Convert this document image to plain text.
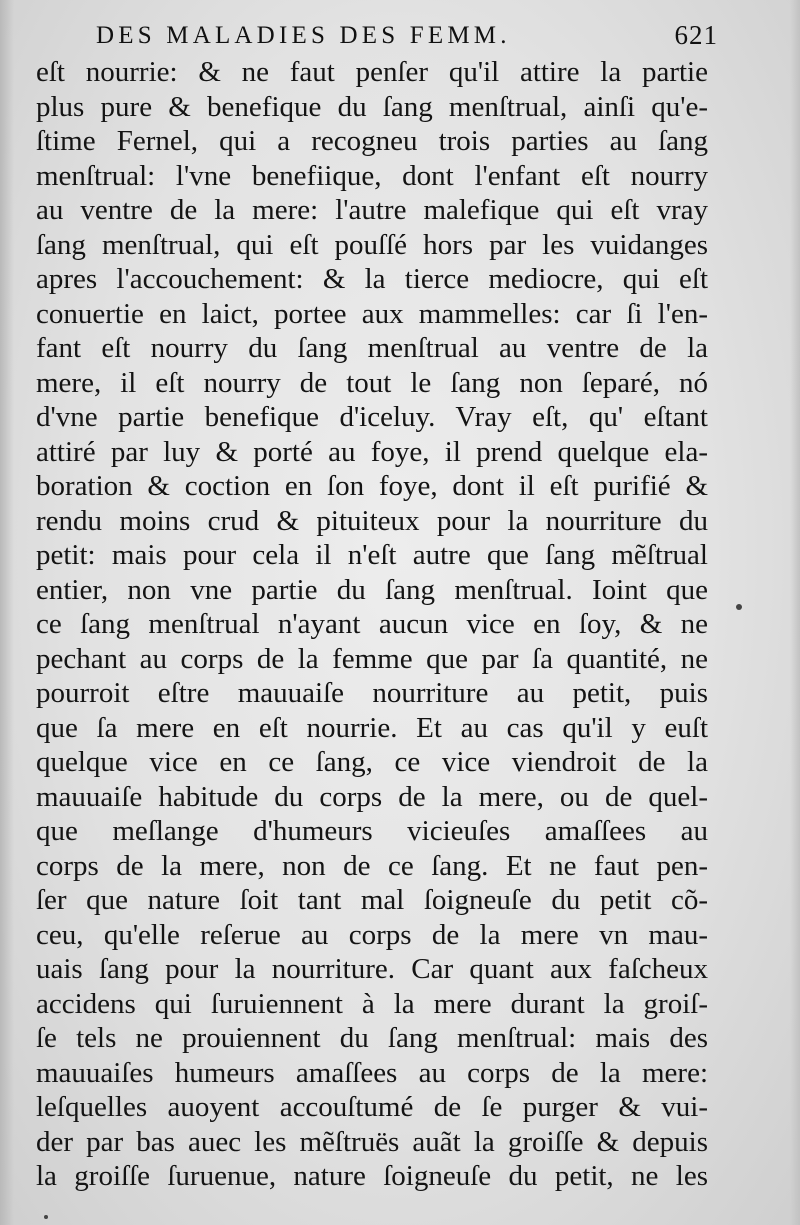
DES MALADIES DES FEMM.	621
eſt nourrie: & ne faut penſer qu'il attire la partie
plus pure & benefique du ſang menſtrual, ainſi qu'e-
ſtime Fernel, qui a recogneu trois parties au ſang
menſtrual: l'vne benefiique, dont l'enfant eſt nourry
au ventre de la mere: l'autre malefique qui eſt vray
ſang menſtrual, qui eſt pouſſé hors par les vuidanges
apres l'accouchement: & la tierce mediocre, qui eſt
conuertie en laict, portee aux mammelles: car ſi l'en-
fant eſt nourry du ſang menſtrual au ventre de la
mere, il eſt nourry de tout le ſang non ſeparé, nó
d'vne partie benefique d'iceluy. Vray eſt, qu' eſtant
attiré par luy & porté au foye, il prend quelque ela-
boration & coction en ſon foye, dont il eſt purifié &
rendu moins crud & pituiteux pour la nourriture du
petit: mais pour cela il n'eſt autre que ſang mẽſtrual
entier, non vne partie du ſang menſtrual. Ioint que
ce ſang menſtrual n'ayant aucun vice en ſoy, & ne
pechant au corps de la femme que par ſa quantité, ne
pourroit eſtre mauuaiſe nourriture au petit, puis
que ſa mere en eſt nourrie. Et au cas qu'il y euſt
quelque vice en ce ſang, ce vice viendroit de la
mauuaiſe habitude du corps de la mere, ou de quel-
que meſlange d'humeurs vicieuſes amaſſees au
corps de la mere, non de ce ſang. Et ne faut pen-
ſer que nature ſoit tant mal ſoigneuſe du petit cõ-
ceu, qu'elle reſerue au corps de la mere vn mau-
uais ſang pour la nourriture. Car quant aux faſcheux
accidens qui ſuruiennent à la mere durant la groiſ-
ſe tels ne prouiennent du ſang menſtrual: mais des
mauuaiſes humeurs amaſſees au corps de la mere:
leſquelles auoyent accouſtumé de ſe purger & vui-
der par bas auec les mẽſtruës auãt la groiſſe & depuis
la groiſſe ſuruenue, nature ſoigneuſe du petit, ne les
